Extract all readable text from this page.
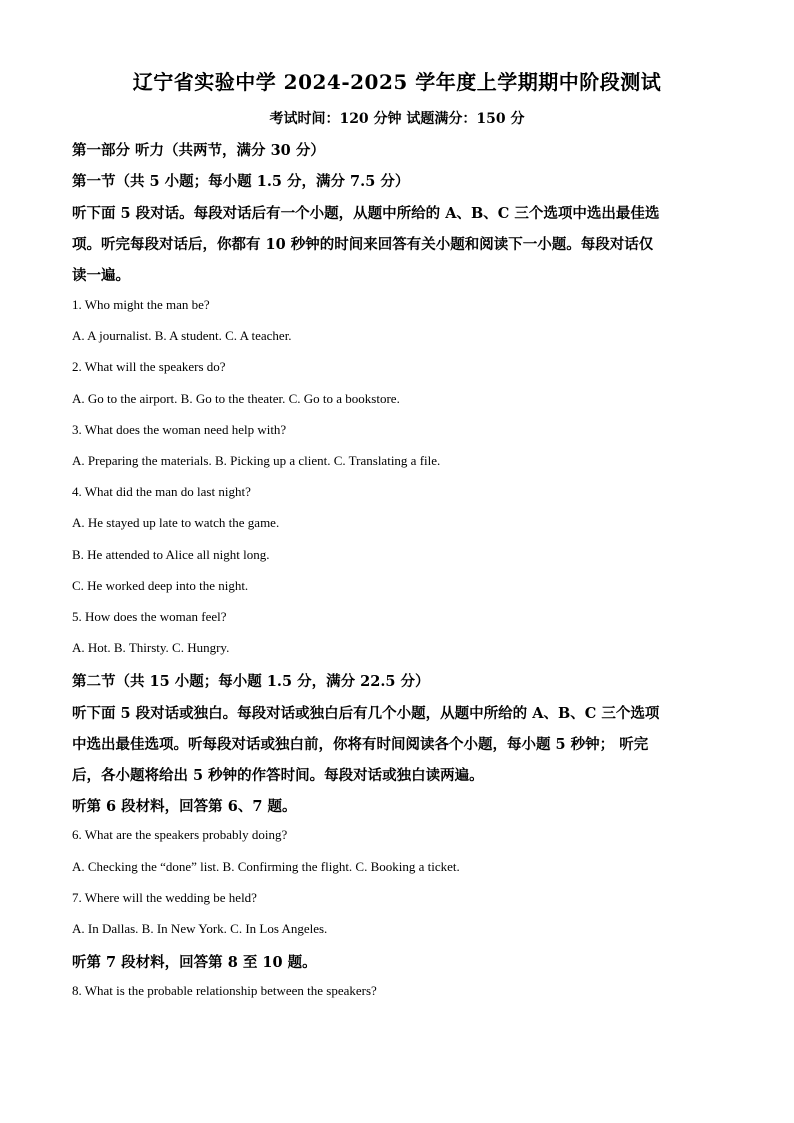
辽宁省实验中学 2024-2025 学年度上学期期中阶段测试
考试时间：120 分钟 试题满分：150 分
第一部分 听力（共两节，满分 30 分）
第一节（共 5 小题；每小题 1.5 分，满分 7.5 分）
听下面 5 段对话。每段对话后有一个小题，从题中所给的 A、B、C 三个选项中选出最佳选
项。听完每段对话后，你都有 10 秒钟的时间来回答有关小题和阅读下一小题。每段对话仅
读一遍。
1. Who might the man be?
A. A journalist. B. A student. C. A teacher.
2. What will the speakers do?
A. Go to the airport. B. Go to the theater. C. Go to a bookstore.
3. What does the woman need help with?
A. Preparing the materials. B. Picking up a client. C. Translating a file.
4. What did the man do last night?
A. He stayed up late to watch the game.
B. He attended to Alice all night long.
C. He worked deep into the night.
5. How does the woman feel?
A. Hot. B. Thirsty. C. Hungry.
第二节（共 15 小题；每小题 1.5 分，满分 22.5 分）
听下面 5 段对话或独白。每段对话或独白后有几个小题，从题中所给的 A、B、C 三个选项
中选出最佳选项。听每段对话或独白前，你将有时间阅读各个小题，每小题 5 秒钟； 听完
后，各小题将给出 5 秒钟的作答时间。每段对话或独白读两遍。
听第 6 段材料，回答第 6、7 题。
6. What are the speakers probably doing?
A. Checking the “done” list. B. Confirming the flight. C. Booking a ticket.
7. Where will the wedding be held?
A. In Dallas. B. In New York. C. In Los Angeles.
听第 7 段材料，回答第 8 至 10 题。
8. What is the probable relationship between the speakers?
